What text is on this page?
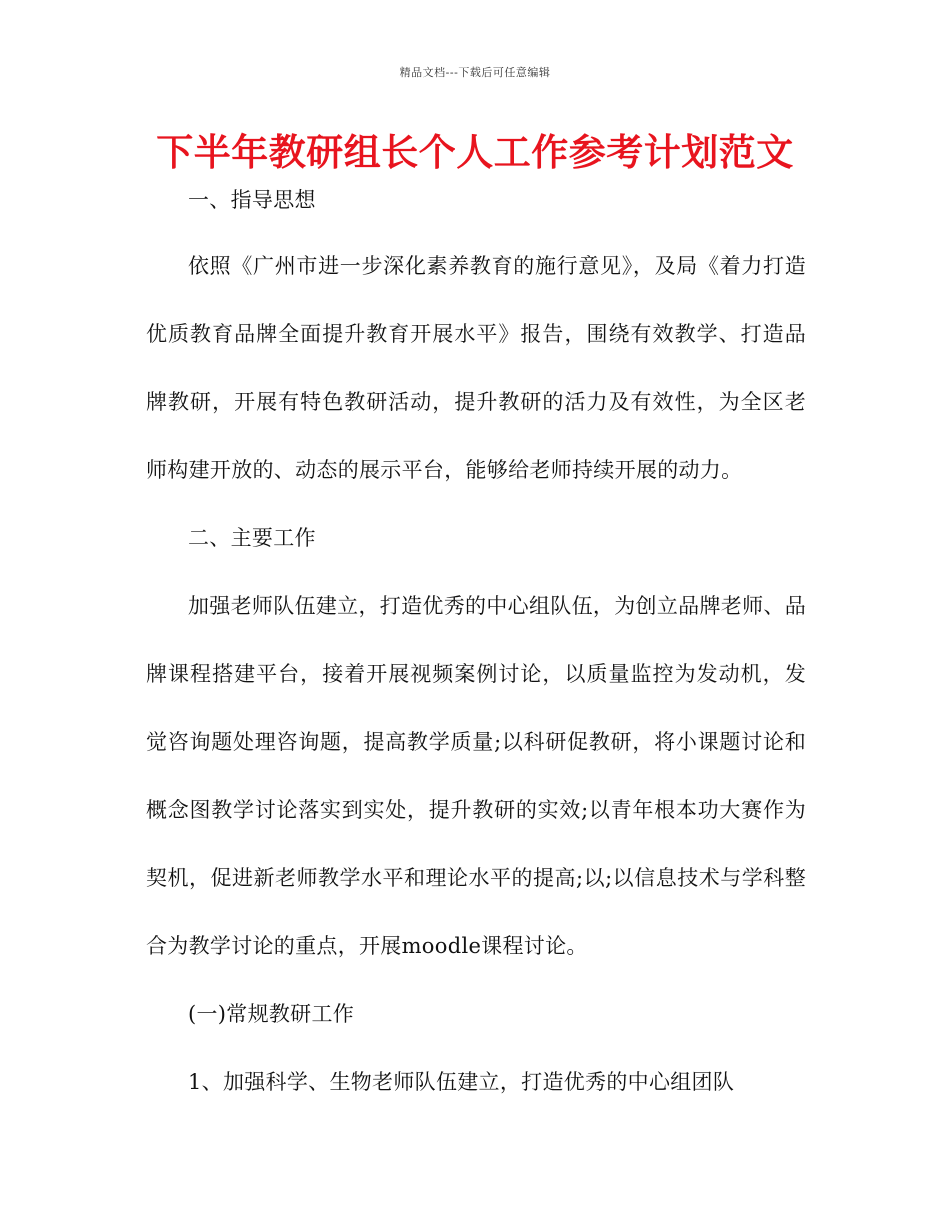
精品文档---下载后可任意编辑
下半年教研组长个人工作参考计划范文

一、指导思想

依照《广州市进一步深化素养教育的施行意见》，及局《着力打造优质教育品牌全面提升教育开展水平》报告，围绕有效教学、打造品牌教研，开展有特色教研活动，提升教研的活力及有效性，为全区老师构建开放的、动态的展示平台，能够给老师持续开展的动力。

二、主要工作

加强老师队伍建立，打造优秀的中心组队伍，为创立品牌老师、品牌课程搭建平台，接着开展视频案例讨论，以质量监控为发动机，发觉咨询题处理咨询题，提高教学质量;以科研促教研，将小课题讨论和概念图教学讨论落实到实处，提升教研的实效;以青年根本功大赛作为契机，促进新老师教学水平和理论水平的提高;以;以信息技术与学科整合为教学讨论的重点，开展moodle课程讨论。

(一)常规教研工作

1、加强科学、生物老师队伍建立，打造优秀的中心组团队
